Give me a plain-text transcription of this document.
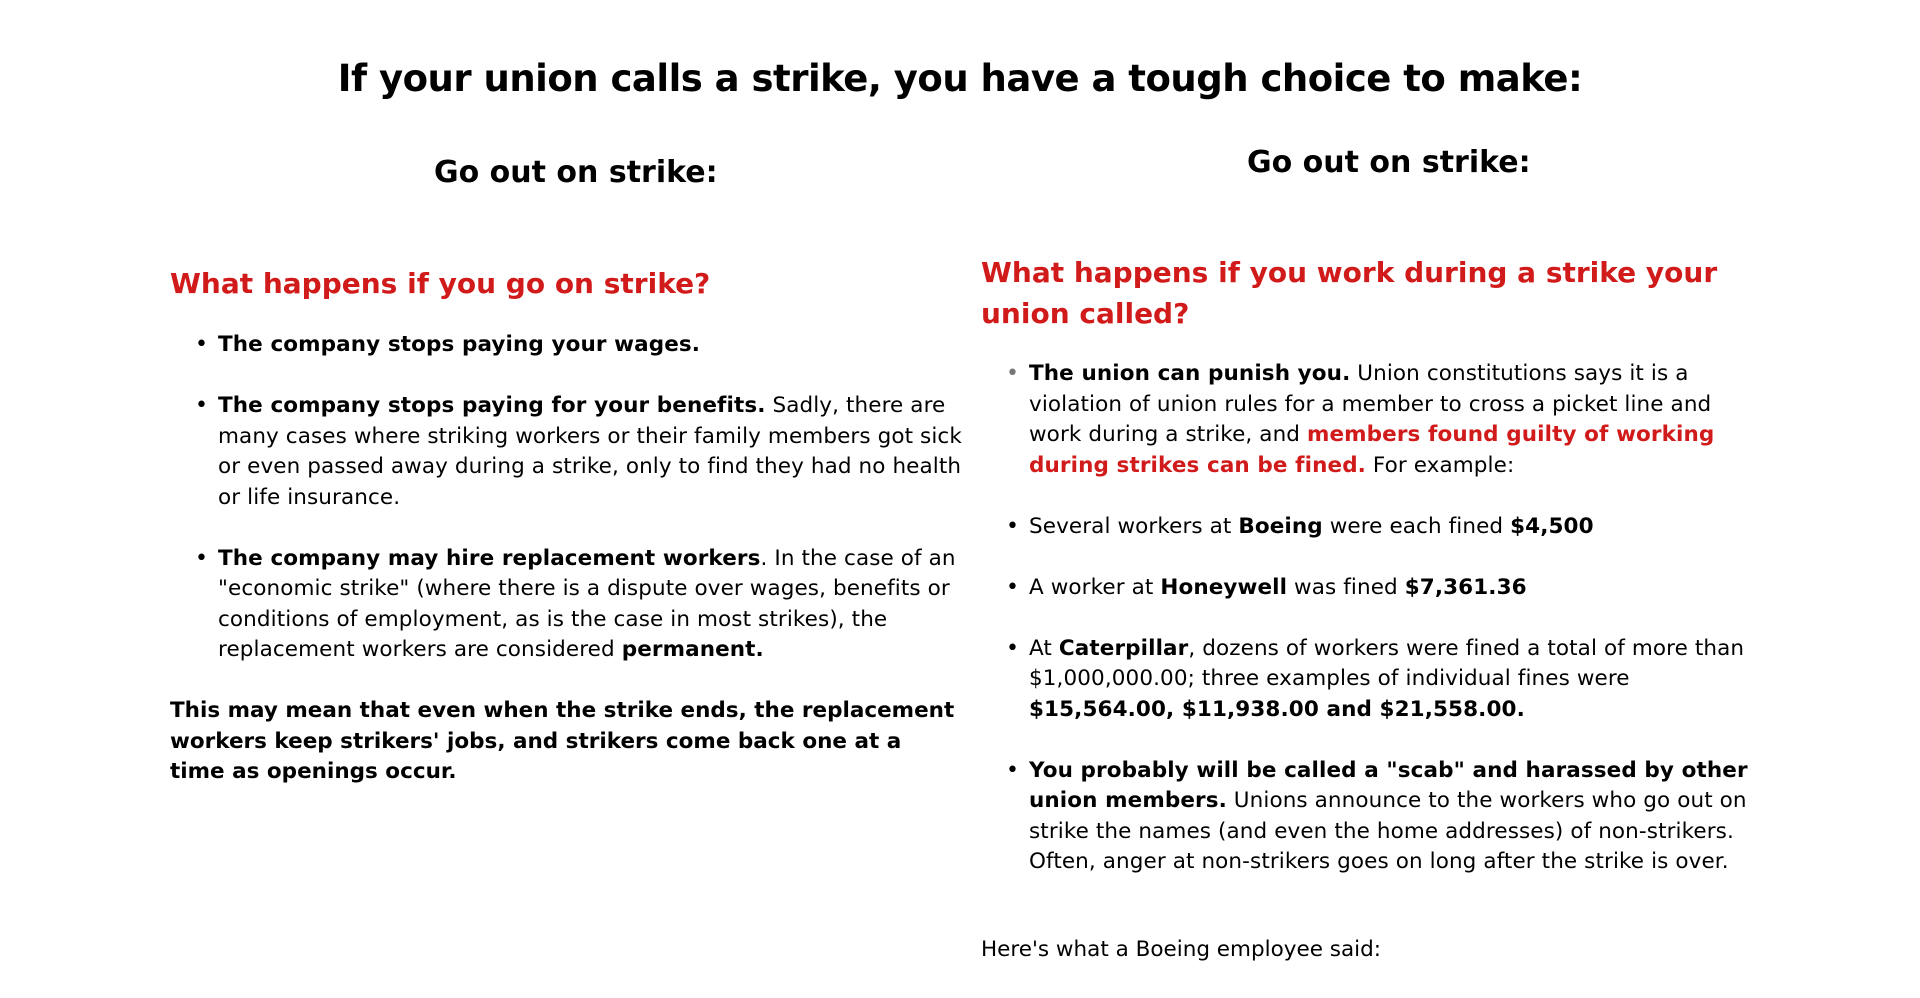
If your union calls a strike, you have a tough choice to make:
Go out on strike:
What happens if you go on strike?
• The company stops paying your wages.
• The company stops paying for your benefits. Sadly, there are many cases where striking workers or their family members got sick or even passed away during a strike, only to find they had no health or life insurance.
• The company may hire replacement workers. In the case of an "economic strike" (where there is a dispute over wages, benefits or conditions of employment, as is the case in most strikes), the replacement workers are considered permanent.

This may mean that even when the strike ends, the replacement workers keep strikers' jobs, and strikers come back one at a time as openings occur.

Go out on strike:
What happens if you work during a strike your union called?
• The union can punish you. Union constitutions says it is a violation of union rules for a member to cross a picket line and work during a strike, and members found guilty of working during strikes can be fined. For example:
• Several workers at Boeing were each fined $4,500
• A worker at Honeywell was fined $7,361.36
• At Caterpillar, dozens of workers were fined a total of more than $1,000,000.00; three examples of individual fines were $15,564.00, $11,938.00 and $21,558.00.
• You probably will be called a "scab" and harassed by other union members. Unions announce to the workers who go out on strike the names (and even the home addresses) of non-strikers. Often, anger at non-strikers goes on long after the strike is over.

Here's what a Boeing employee said:
